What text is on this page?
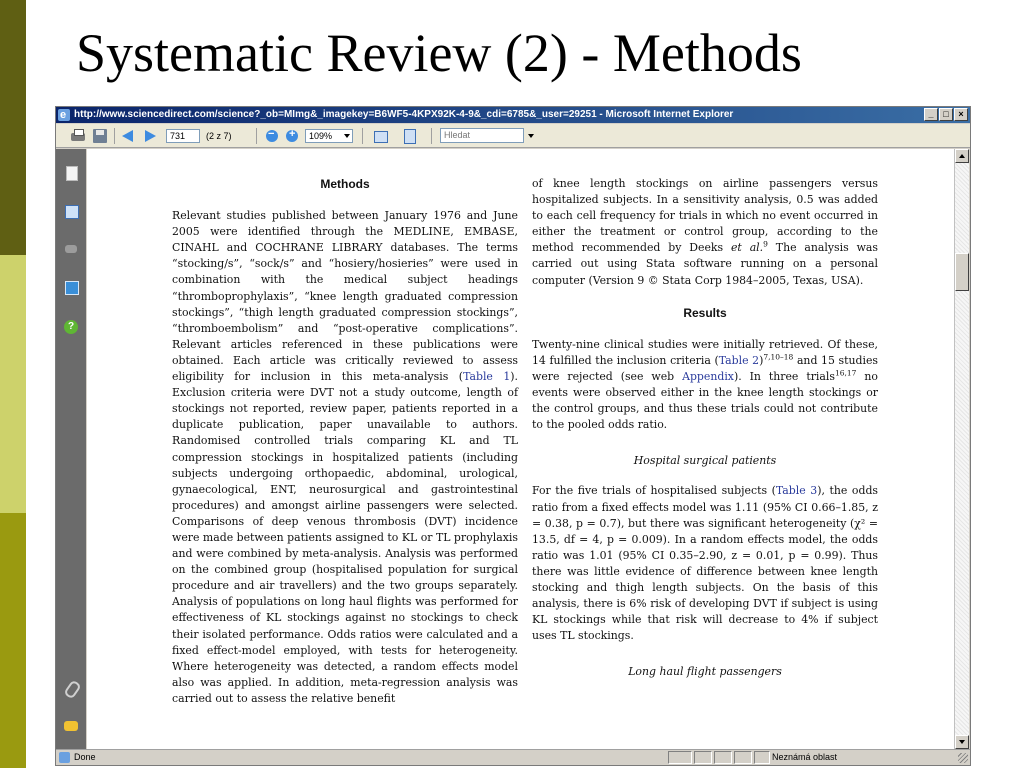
Systematic Review (2) - Methods
e
http://www.sciencedirect.com/science?_ob=MImg&_imagekey=B6WF5-4KPX92K-4-9&_cdi=6785&_user=29251 - Microsoft Internet Explorer	_	□	×
731	(2 z 7) − +	109%	Hledat
?
Methods

Relevant studies published between January 1976 and June 2005 were identified through the MEDLINE, EMBASE, CINAHL and COCHRANE LIBRARY databases. The terms “stocking/s”, “sock/s” and “hosiery/hosieries” were used in combination with the medical subject headings “thromboprophylaxis”, “knee length graduated compression stockings”, “thigh length graduated compression stockings”, “thromboembolism” and “post-operative complications”. Relevant articles referenced in these publications were obtained. Each article was critically reviewed to assess eligibility for inclusion in this meta-analysis (Table 1). Exclusion criteria were DVT not a study outcome, length of stockings not reported, review paper, patients reported in a duplicate publication, paper unavailable to authors. Randomised controlled trials comparing KL and TL compression stockings in hospitalized patients (including subjects undergoing orthopaedic, abdominal, urological, gynaecological, ENT, neurosurgical and gastrointestinal procedures) and amongst airline passengers were selected. Comparisons of deep venous thrombosis (DVT) incidence were made between patients assigned to KL or TL prophylaxis and were combined by meta-analysis. Analysis was performed on the combined group (hospitalised population for surgical procedure and air travellers) and the two groups separately. Analysis of populations on long haul flights was performed for effectiveness of KL stockings against no stockings to check their isolated performance. Odds ratios were calculated and a fixed effect-model employed, with tests for heterogeneity. Where heterogeneity was detected, a random effects model also was applied. In addition, meta-regression analysis was carried out to assess the relative benefit

of knee length stockings on airline passengers versus hospitalized subjects. In a sensitivity analysis, 0.5 was added to each cell frequency for trials in which no event occurred in either the treatment or control group, according to the method recommended by Deeks et al.$^9$ The analysis was carried out using Stata software running on a personal computer (Version 9 © Stata Corp 1984–2005, Texas, USA).

Results

Twenty-nine clinical studies were initially retrieved. Of these, 14 fulfilled the inclusion criteria (Table 2)$^{7,10-18}$ and 15 studies were rejected (see web Appendix). In three trials$^{16,17}$ no events were observed either in the knee length stockings or the control groups, and thus these trials could not contribute to the pooled odds ratio.

Hospital surgical patients

For the five trials of hospitalised subjects (Table 3), the odds ratio from a fixed effects model was 1.11 (95% CI 0.66–1.85, z = 0.38, p = 0.7), but there was significant heterogeneity (χ² = 13.5, df = 4, p = 0.009). In a random effects model, the odds ratio was 1.01 (95% CI 0.35–2.90, z = 0.01, p = 0.99). Thus there was little evidence of difference between knee length stocking and thigh length subjects. On the basis of this analysis, there is 6% risk of developing DVT if subject is using KL stockings while that risk will decrease to 4% if subject uses TL stockings.

Long haul flight passengers
Done	Neznámá oblast
